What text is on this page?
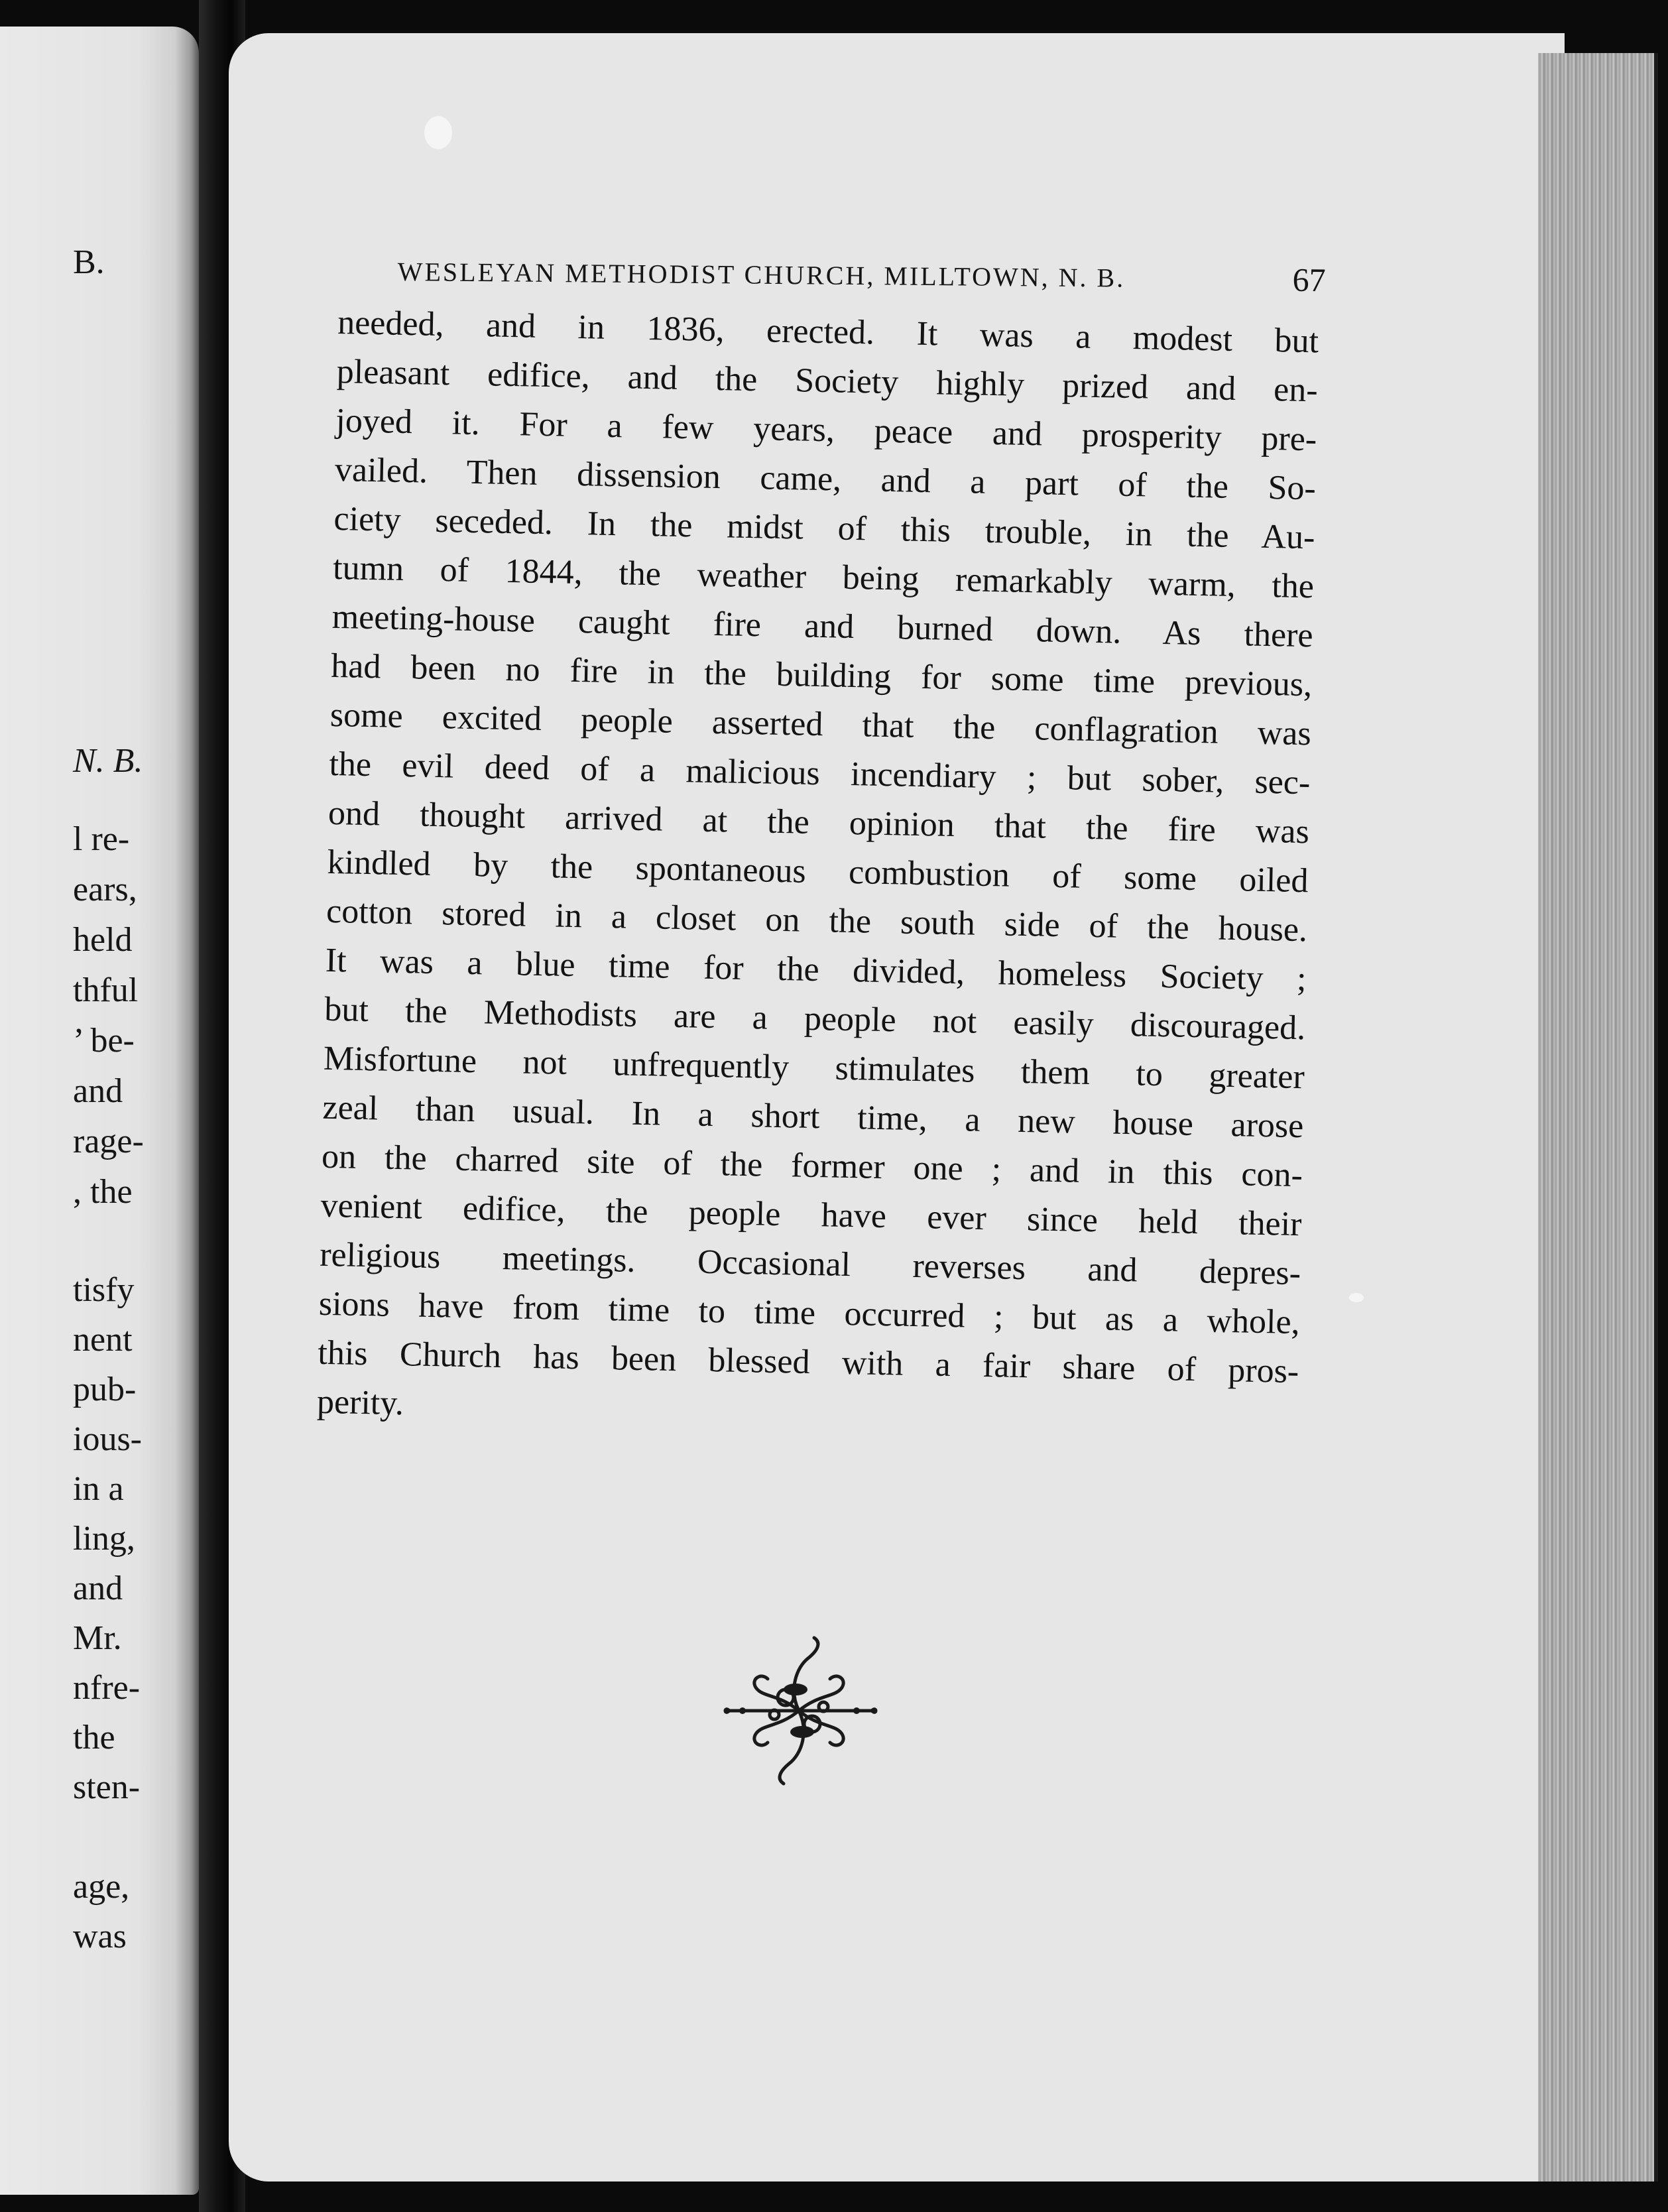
B.
N. B.
l re-
ears,
held
thful
’ be-
and
rage-
, the
tisfy
nent
pub-
ious-
in a
ling,
and
Mr.
nfre-
the
sten-
age,
was
WESLEYAN METHODIST CHURCH, MILLTOWN, N. B.	67
needed, and in 1836, erected. It was a modest but
pleasant edifice, and the Society highly prized and en-
joyed it. For a few years, peace and prosperity pre-
vailed. Then dissension came, and a part of the So-
ciety seceded. In the midst of this trouble, in the Au-
tumn of 1844, the weather being remarkably warm, the
meeting-house caught fire and burned down. As there
had been no fire in the building for some time previous,
some excited people asserted that the conflagration was
the evil deed of a malicious incendiary ; but sober, sec-
ond thought arrived at the opinion that the fire was
kindled by the spontaneous combustion of some oiled
cotton stored in a closet on the south side of the house.
It was a blue time for the divided, homeless Society ;
but the Methodists are a people not easily discouraged.
Misfortune not unfrequently stimulates them to greater
zeal than usual. In a short time, a new house arose
on the charred site of the former one ; and in this con-
venient edifice, the people have ever since held their
religious meetings. Occasional reverses and depres-
sions have from time to time occurred ; but as a whole,
this Church has been blessed with a fair share of pros-
perity.
